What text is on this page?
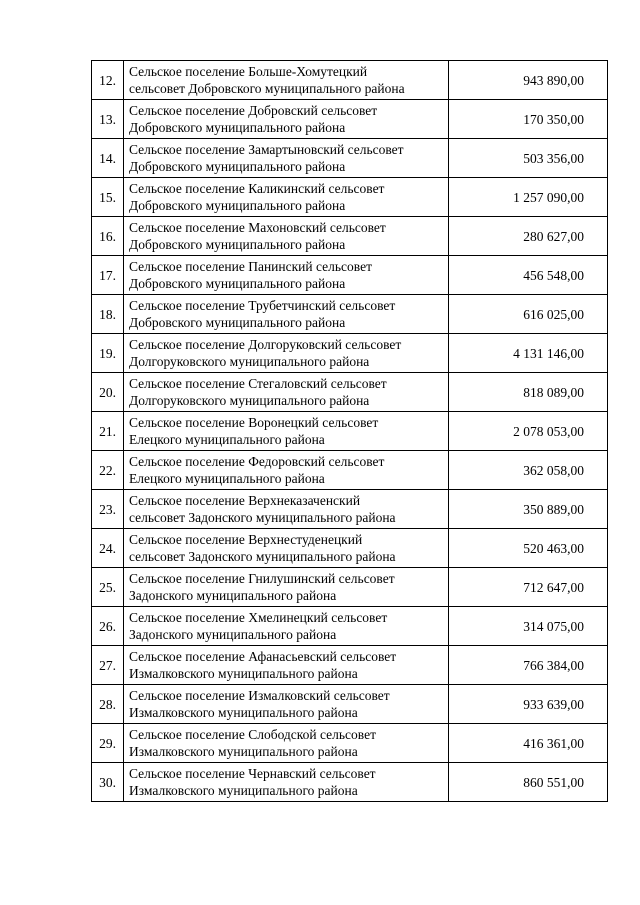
12.	Сельское поселение Больше-Хомутецкий
сельсовет Добровского муниципального района	943 890,00
13.	Сельское поселение Добровский сельсовет
Добровского муниципального района	170 350,00
14.	Сельское поселение Замартыновский сельсовет
Добровского муниципального района	503 356,00
15.	Сельское поселение Каликинский сельсовет
Добровского муниципального района	1 257 090,00
16.	Сельское поселение Махоновский сельсовет
Добровского муниципального района	280 627,00
17.	Сельское поселение Панинский сельсовет
Добровского муниципального района	456 548,00
18.	Сельское поселение Трубетчинский сельсовет
Добровского муниципального района	616 025,00
19.	Сельское поселение Долгоруковский сельсовет
Долгоруковского муниципального района	4 131 146,00
20.	Сельское поселение Стегаловский сельсовет
Долгоруковского муниципального района	818 089,00
21.	Сельское поселение Воронецкий сельсовет
Елецкого муниципального района	2 078 053,00
22.	Сельское поселение Федоровский сельсовет
Елецкого муниципального района	362 058,00
23.	Сельское поселение Верхнеказаченский
сельсовет Задонского муниципального района	350 889,00
24.	Сельское поселение Верхнестуденецкий
сельсовет Задонского муниципального района	520 463,00
25.	Сельское поселение Гнилушинский сельсовет
Задонского муниципального района	712 647,00
26.	Сельское поселение Хмелинецкий сельсовет
Задонского муниципального района	314 075,00
27.	Сельское поселение Афанасьевский сельсовет
Измалковского муниципального района	766 384,00
28.	Сельское поселение Измалковский сельсовет
Измалковского муниципального района	933 639,00
29.	Сельское поселение Слободской сельсовет
Измалковского муниципального района	416 361,00
30.	Сельское поселение Чернавский сельсовет
Измалковского муниципального района	860 551,00
